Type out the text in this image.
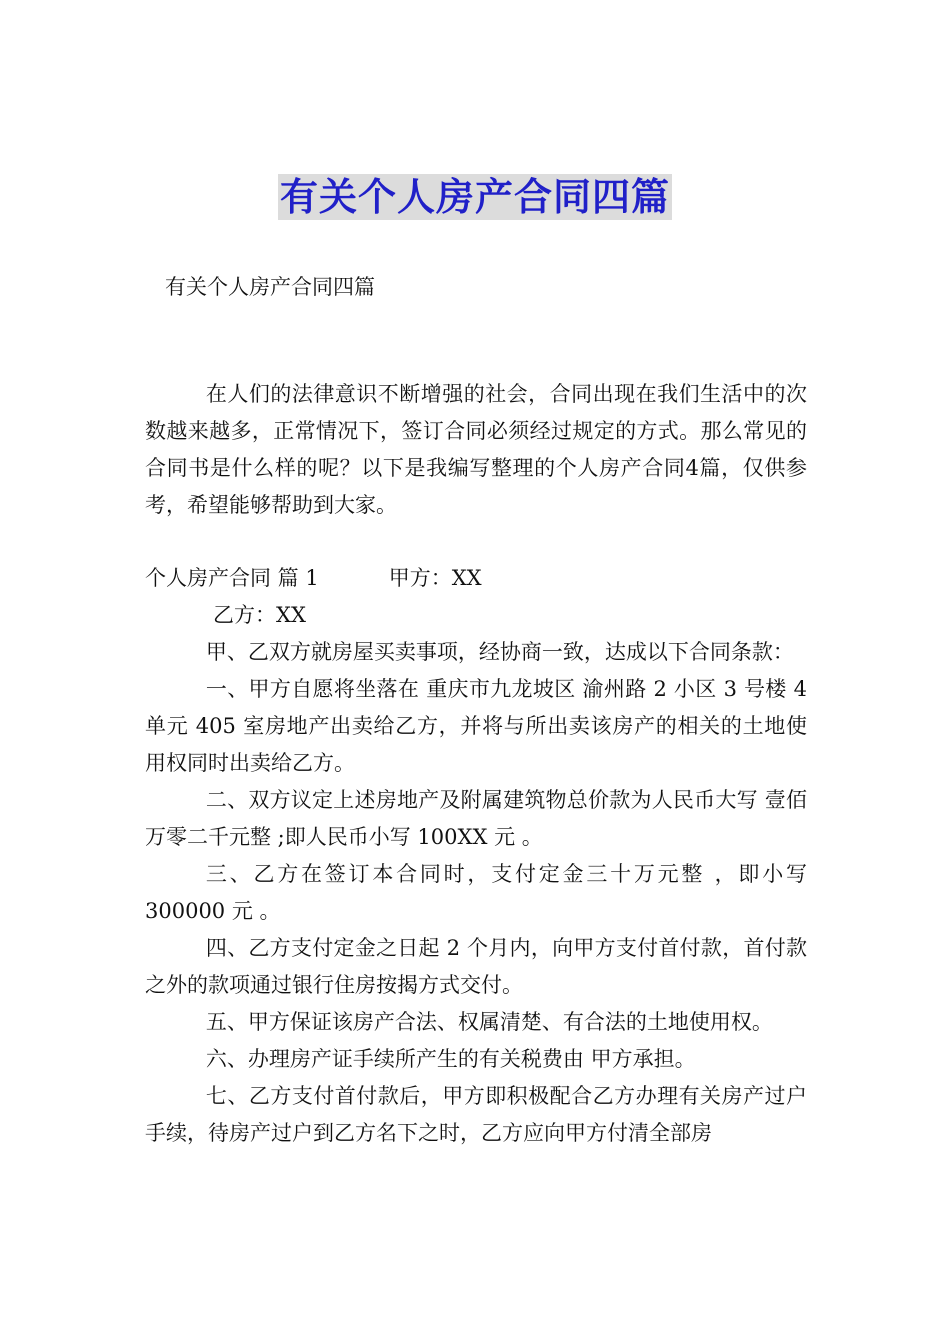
有关个人房产合同四篇
有关个人房产合同四篇

在人们的法律意识不断增强的社会，合同出现在我们生活中的次数越来越多，正常情况下，签订合同必须经过规定的方式。那么常见的合同书是什么样的呢？以下是我编写整理的个人房产合同4篇，仅供参考，希望能够帮助到大家。

个人房产合同 篇 1	甲方：XX

乙方：XX

甲、乙双方就房屋买卖事项，经协商一致，达成以下合同条款：

一、甲方自愿将坐落在 重庆市九龙坡区 渝州路 2 小区 3 号楼 4 单元 405 室房地产出卖给乙方，并将与所出卖该房产的相关的土地使用权同时出卖给乙方。

二、双方议定上述房地产及附属建筑物总价款为人民币大写 壹佰万零二千元整 ;即人民币小写 100XX 元 。

三、乙方在签订本合同时，支付定金三十万元整 ，即小写 300000 元 。

四、乙方支付定金之日起 2 个月内，向甲方支付首付款，首付款之外的款项通过银行住房按揭方式交付。

五、甲方保证该房产合法、权属清楚、有合法的土地使用权。

六、办理房产证手续所产生的有关税费由 甲方承担。

七、乙方支付首付款后，甲方即积极配合乙方办理有关房产过户手续，待房产过户到乙方名下之时，乙方应向甲方付清全部房
